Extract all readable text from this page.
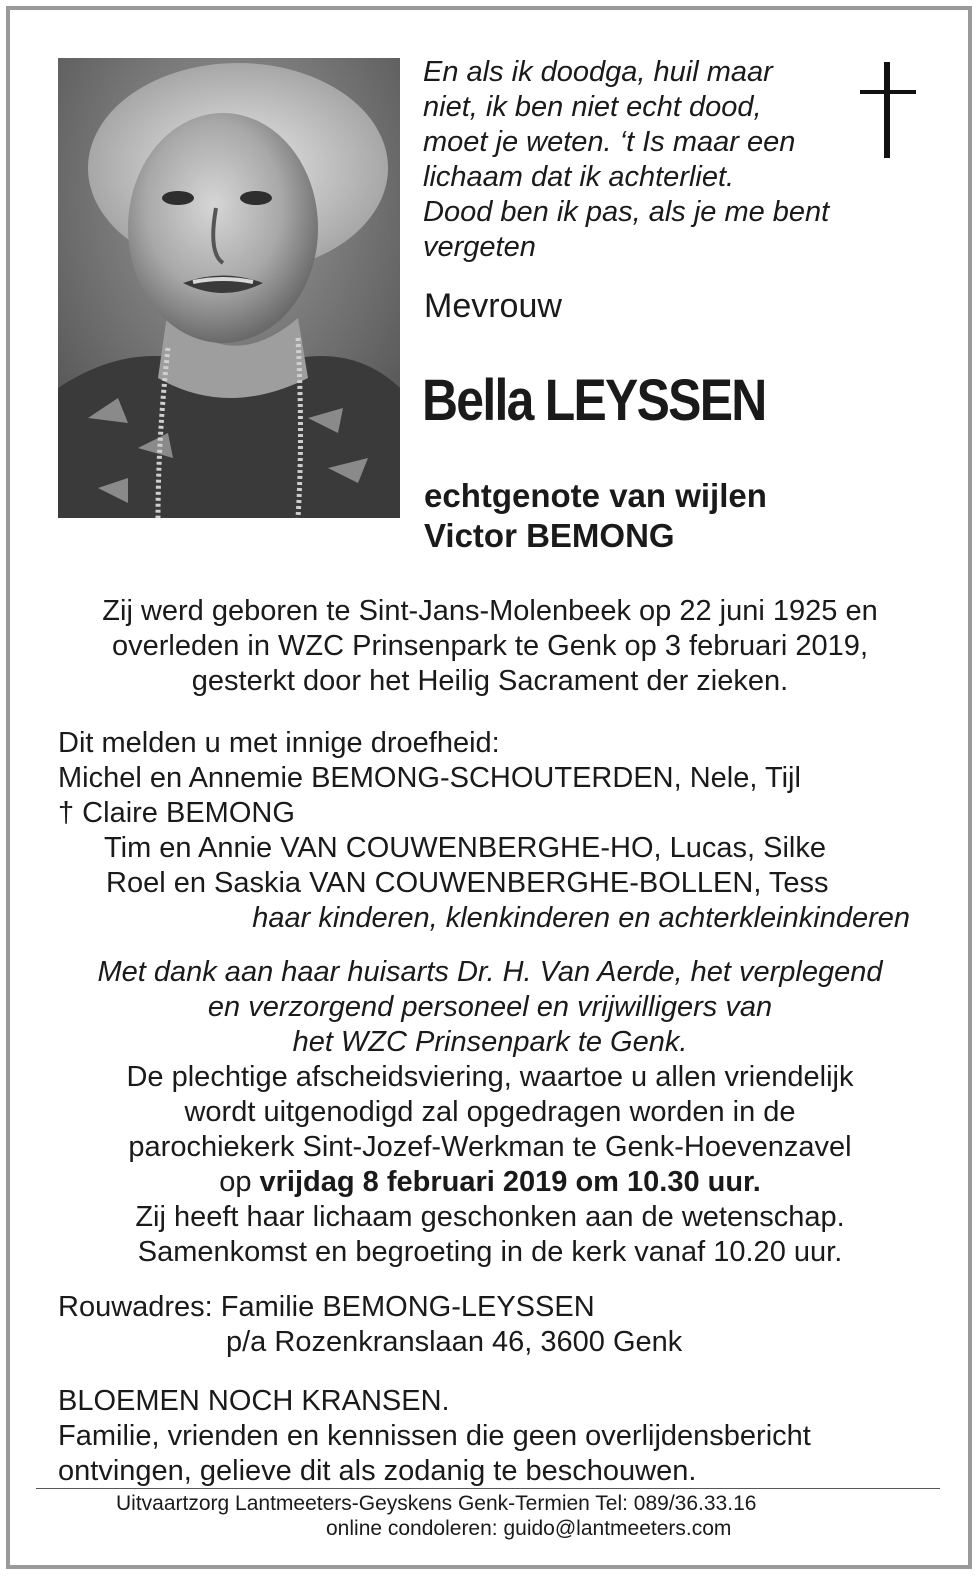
En als ik doodga, huil maar
niet, ik ben niet echt dood,
moet je weten. ‘t Is maar een
lichaam dat ik achterliet.
Dood ben ik pas, als je me bent
vergeten
Mevrouw
Bella LEYSSEN
echtgenote van wijlen
Victor BEMONG
Zij werd geboren te Sint-Jans-Molenbeek op 22 juni 1925 en
overleden in WZC Prinsenpark te Genk op 3 februari 2019,
gesterkt door het Heilig Sacrament der zieken.
Dit melden u met innige droefheid:
Michel en Annemie BEMONG-SCHOUTERDEN, Nele, Tijl
† Claire BEMONG
Tim en Annie VAN COUWENBERGHE-HO, Lucas, Silke
Roel en Saskia VAN COUWENBERGHE-BOLLEN, Tess
haar kinderen, klenkinderen en achterkleinkinderen
Met dank aan haar huisarts Dr. H. Van Aerde, het verplegend
en verzorgend personeel en vrijwilligers van
het WZC Prinsenpark te Genk.
De plechtige afscheidsviering, waartoe u allen vriendelijk
wordt uitgenodigd zal opgedragen worden in de
parochiekerk Sint-Jozef-Werkman te Genk-Hoevenzavel
op vrijdag 8 februari 2019 om 10.30 uur.
Zij heeft haar lichaam geschonken aan de wetenschap.
Samenkomst en begroeting in de kerk vanaf 10.20 uur.
Rouwadres: Familie BEMONG-LEYSSEN
p/a Rozenkranslaan 46, 3600 Genk
BLOEMEN NOCH KRANSEN.
Familie, vrienden en kennissen die geen overlijdensbericht
ontvingen, gelieve dit als zodanig te beschouwen.
Uitvaartzorg Lantmeeters-Geyskens Genk-Termien Tel: 089/36.33.16
online condoleren: guido@lantmeeters.com
